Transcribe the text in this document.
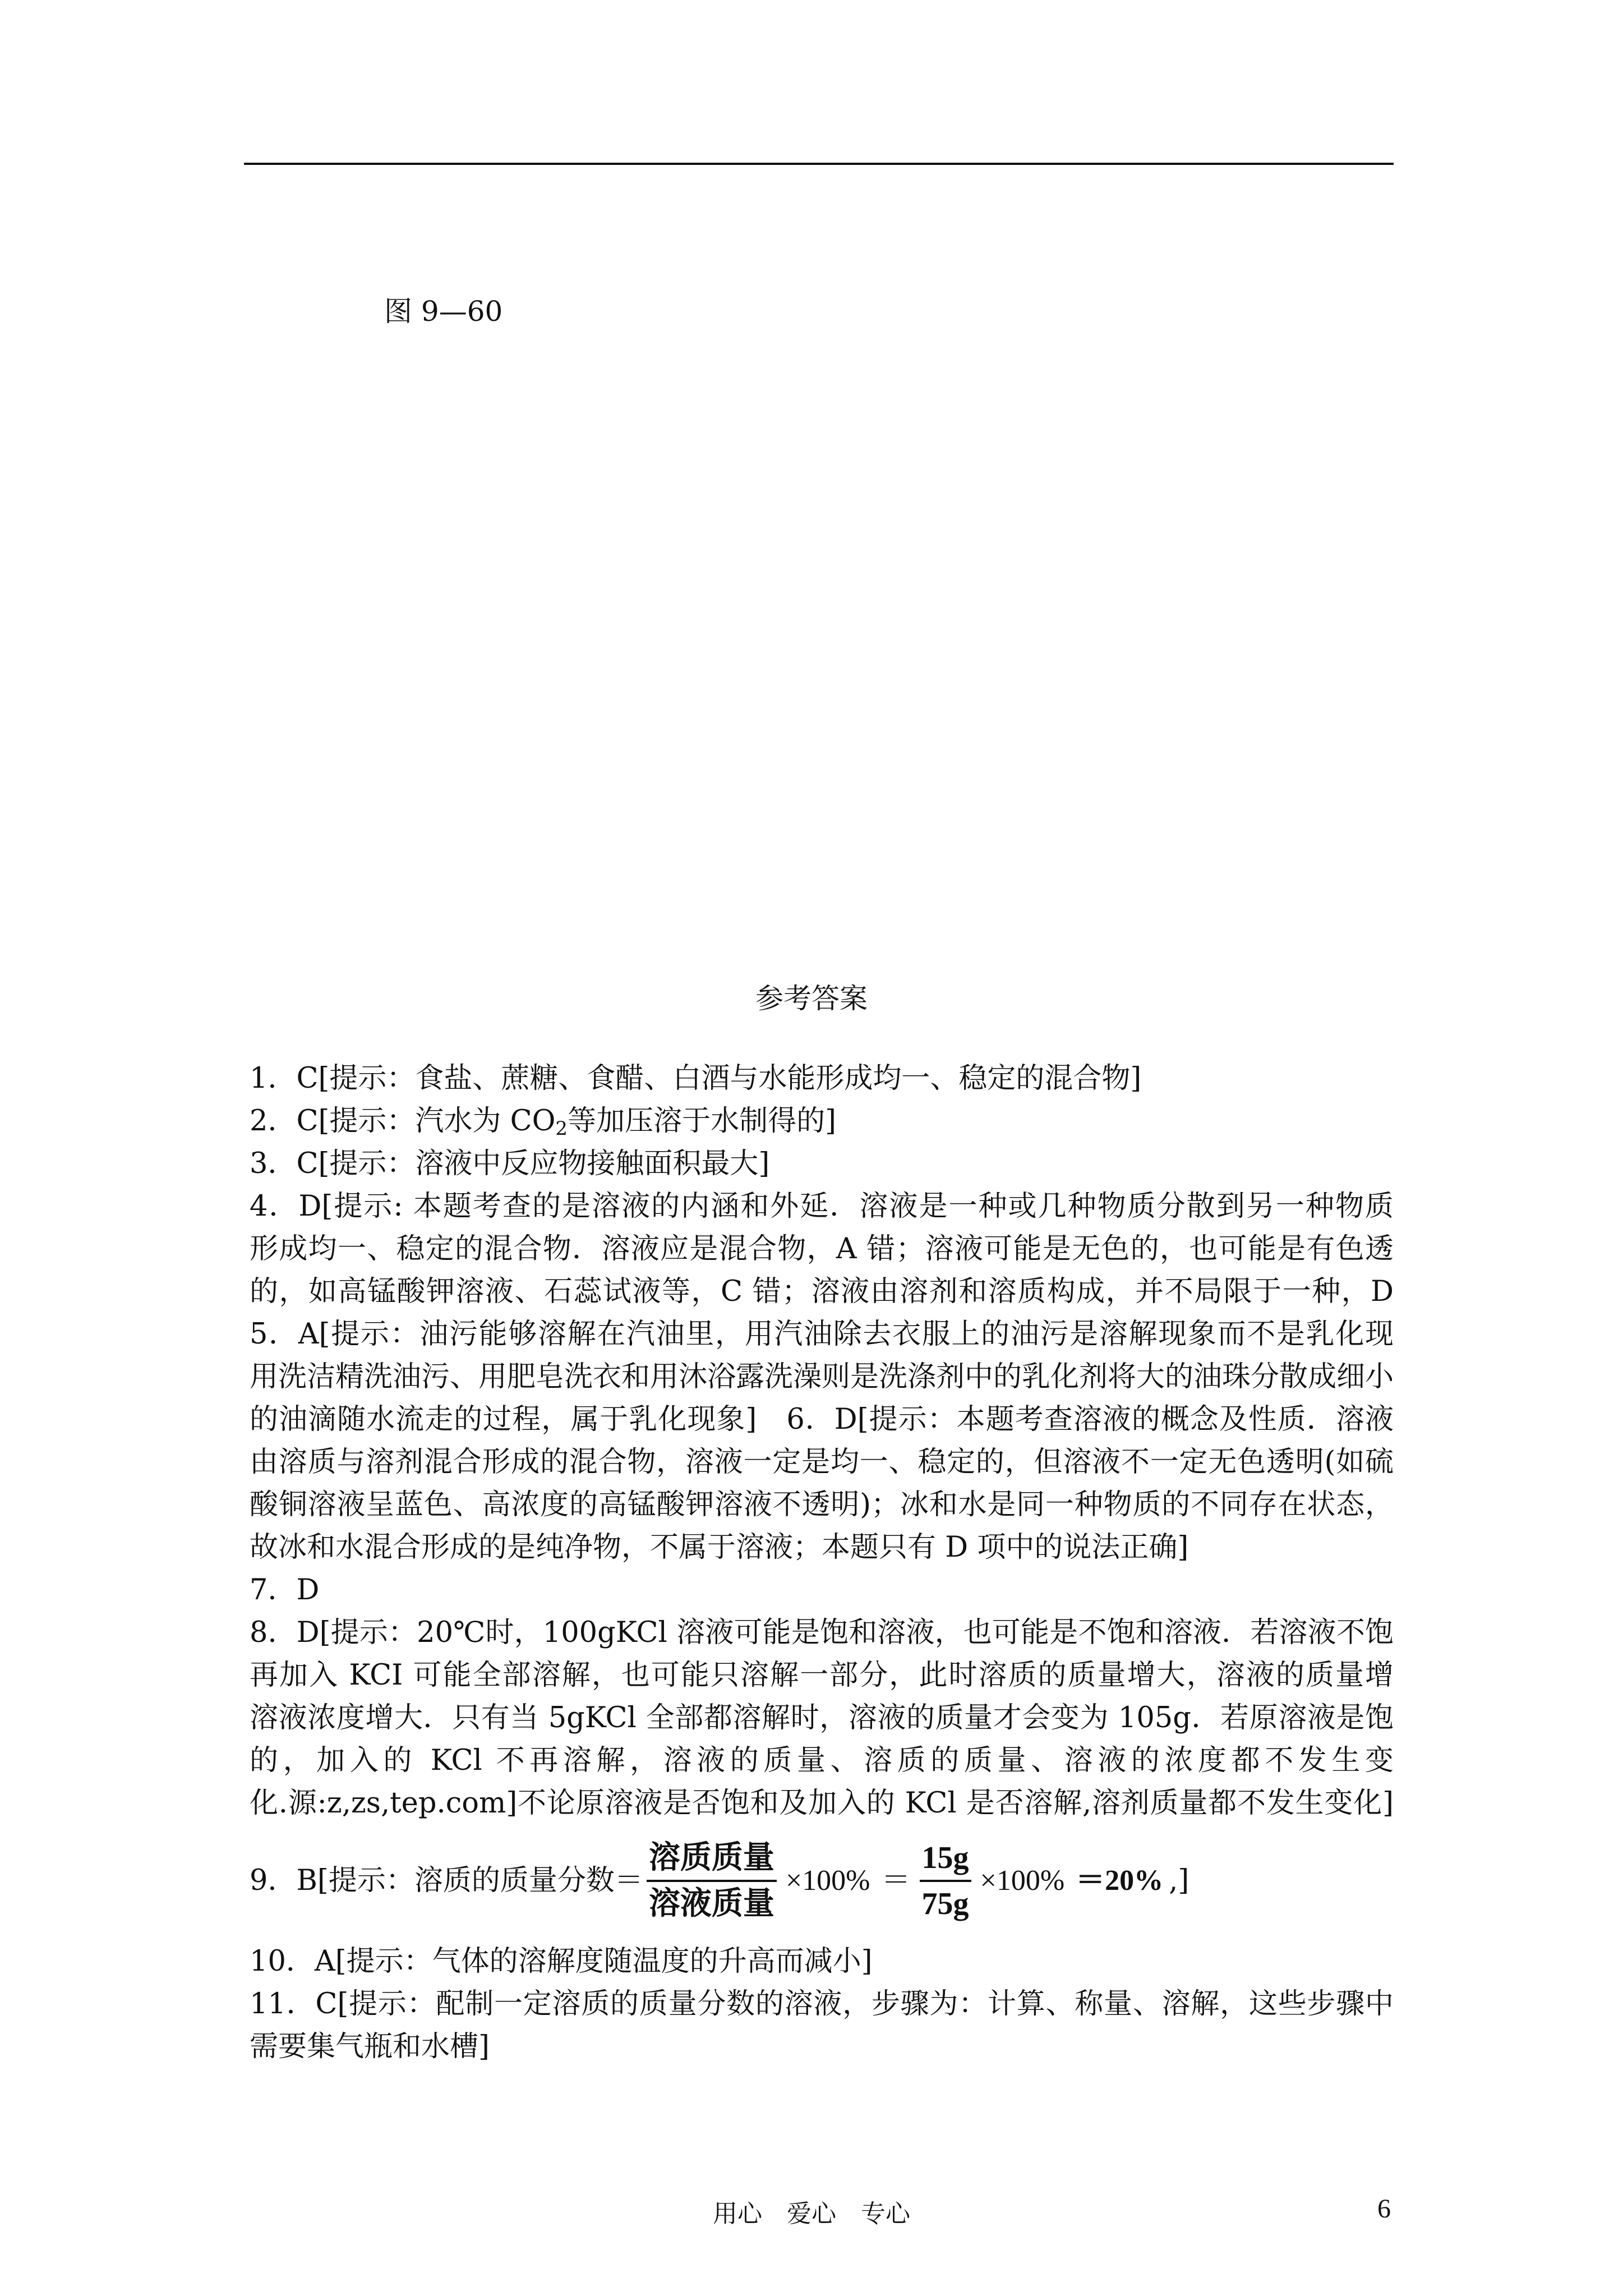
图 9—60
参考答案
1．C[提示：食盐、蔗糖、食醋、白酒与水能形成均一、稳定的混合物]
2．C[提示：汽水为 $CO_2$等加压溶于水制得的]
3．C[提示：溶液中反应物接触面积最大]
4．D[提示: 本题考查的是溶液的内涵和外延．溶液是一种或几种物质分散到另一种物质
形成均一、稳定的混合物．溶液应是混合物，A 错；溶液可能是无色的，也可能是有色透
的，如高锰酸钾溶液、石蕊试液等，C 错；溶液由溶剂和溶质构成，并不局限于一种，D
5．A[提示：油污能够溶解在汽油里，用汽油除去衣服上的油污是溶解现象而不是乳化现
用洗洁精洗油污、用肥皂洗衣和用沐浴露洗澡则是洗涤剂中的乳化剂将大的油珠分散成细小
的油滴随水流走的过程，属于乳化现象]　6．D[提示：本题考查溶液的概念及性质．溶液
由溶质与溶剂混合形成的混合物，溶液一定是均一、稳定的，但溶液不一定无色透明(如硫
酸铜溶液呈蓝色、高浓度的高锰酸钾溶液不透明)；冰和水是同一种物质的不同存在状态，
故冰和水混合形成的是纯净物，不属于溶液；本题只有 D 项中的说法正确]
7．D
8．D[提示：20℃时，100gKCl 溶液可能是饱和溶液，也可能是不饱和溶液．若溶液不饱
再加入 KCI 可能全部溶解，也可能只溶解一部分，此时溶质的质量增大，溶液的质量增
溶液浓度增大．只有当 5gKCl 全部都溶解时，溶液的质量才会变为 105g．若原溶液是饱
的，加入的 KCl 不再溶解，溶液的质量、溶质的质量、溶液的浓度都不发生变
化.源:z,zs,tep.com]不论原溶液是否饱和及加入的 KCl 是否溶解,溶剂质量都不发生变化]
9．B[提示：溶质的质量分数＝ $\frac{\text{溶质质量}}{\text{溶液质量}} \times 100\% = \frac{15g}{75g} \times 100\% =20\%$ ,]
10．A[提示：气体的溶解度随温度的升高而减小]
11．C[提示：配制一定溶质的质量分数的溶液，步骤为：计算、称量、溶解，这些步骤中
需要集气瓶和水槽]
用心　爱心　专心	6
